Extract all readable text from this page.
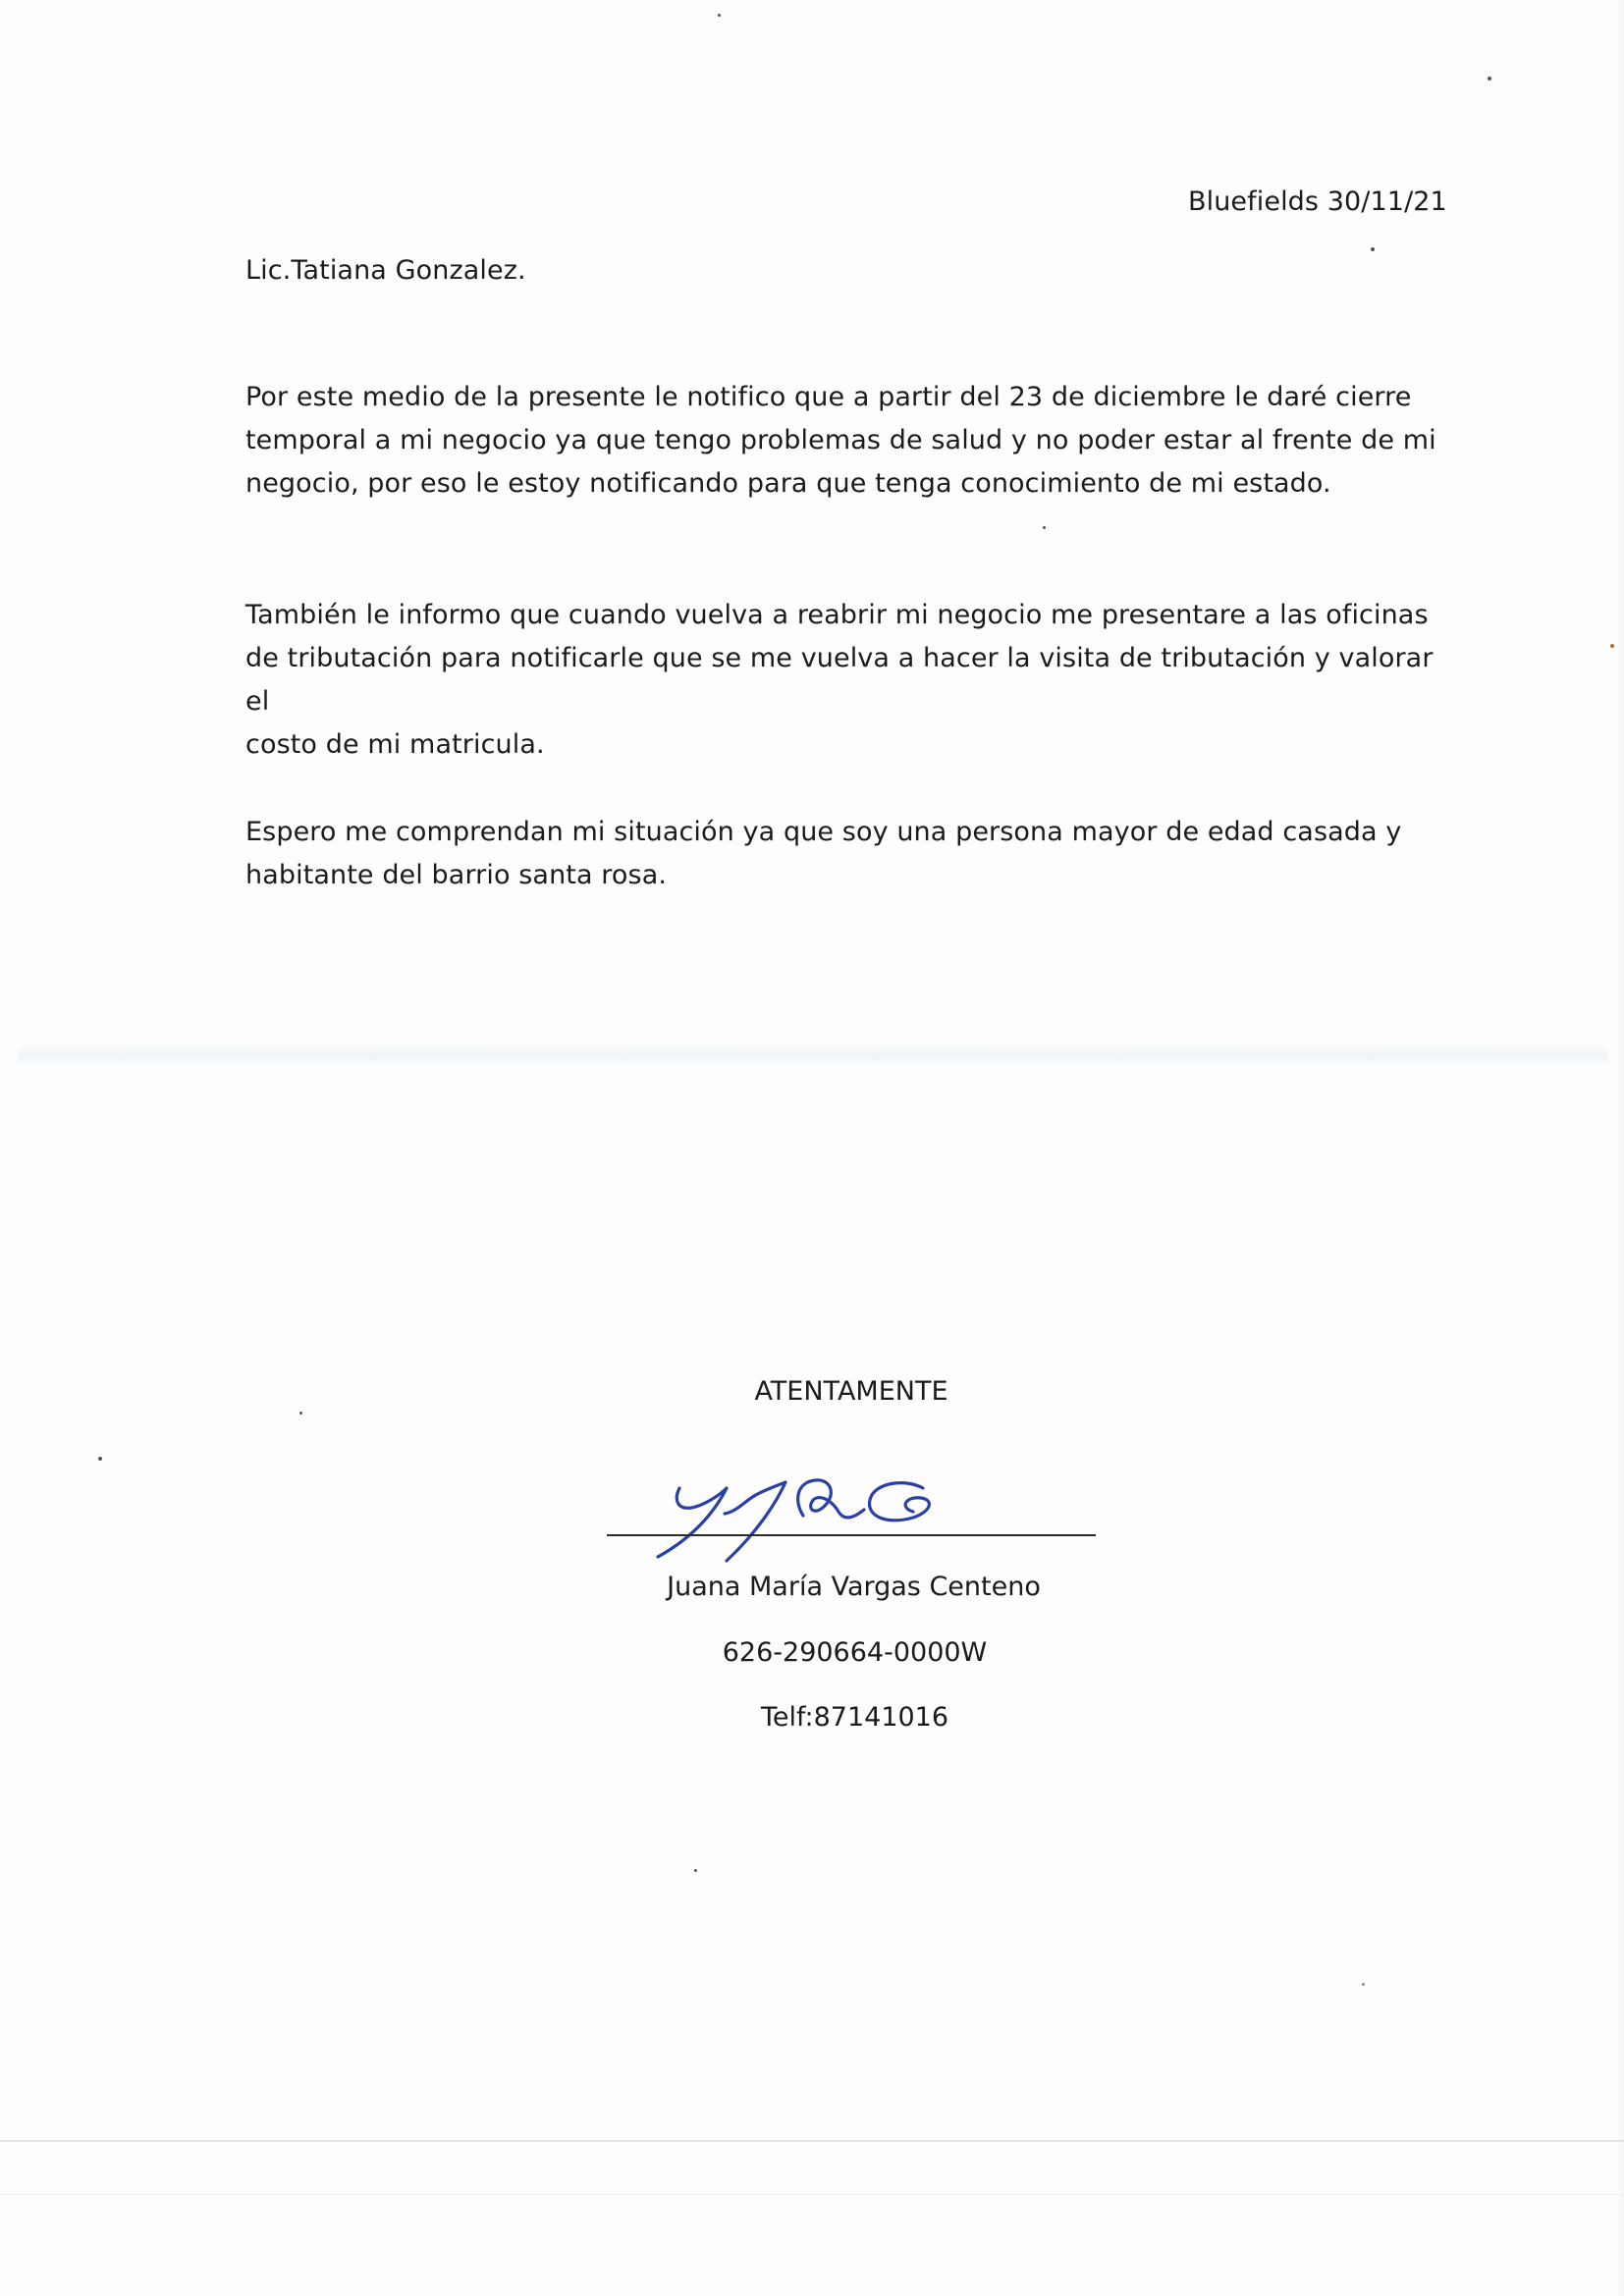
Bluefields 30/11/21
Lic.Tatiana Gonzalez.
Por este medio de la presente le notifico que a partir del 23 de diciembre le daré cierre
temporal a mi negocio ya que tengo problemas de salud y no poder estar al frente de mi
negocio, por eso le estoy notificando para que tenga conocimiento de mi estado.
También le informo que cuando vuelva a reabrir mi negocio me presentare a las oficinas
de tributación para notificarle que se me vuelva a hacer la visita de tributación y valorar el
costo de mi matricula.
Espero me comprendan mi situación ya que soy una persona mayor de edad casada y
habitante del barrio santa rosa.
ATENTAMENTE
Juana María Vargas Centeno
626-290664-0000W
Telf:87141016
